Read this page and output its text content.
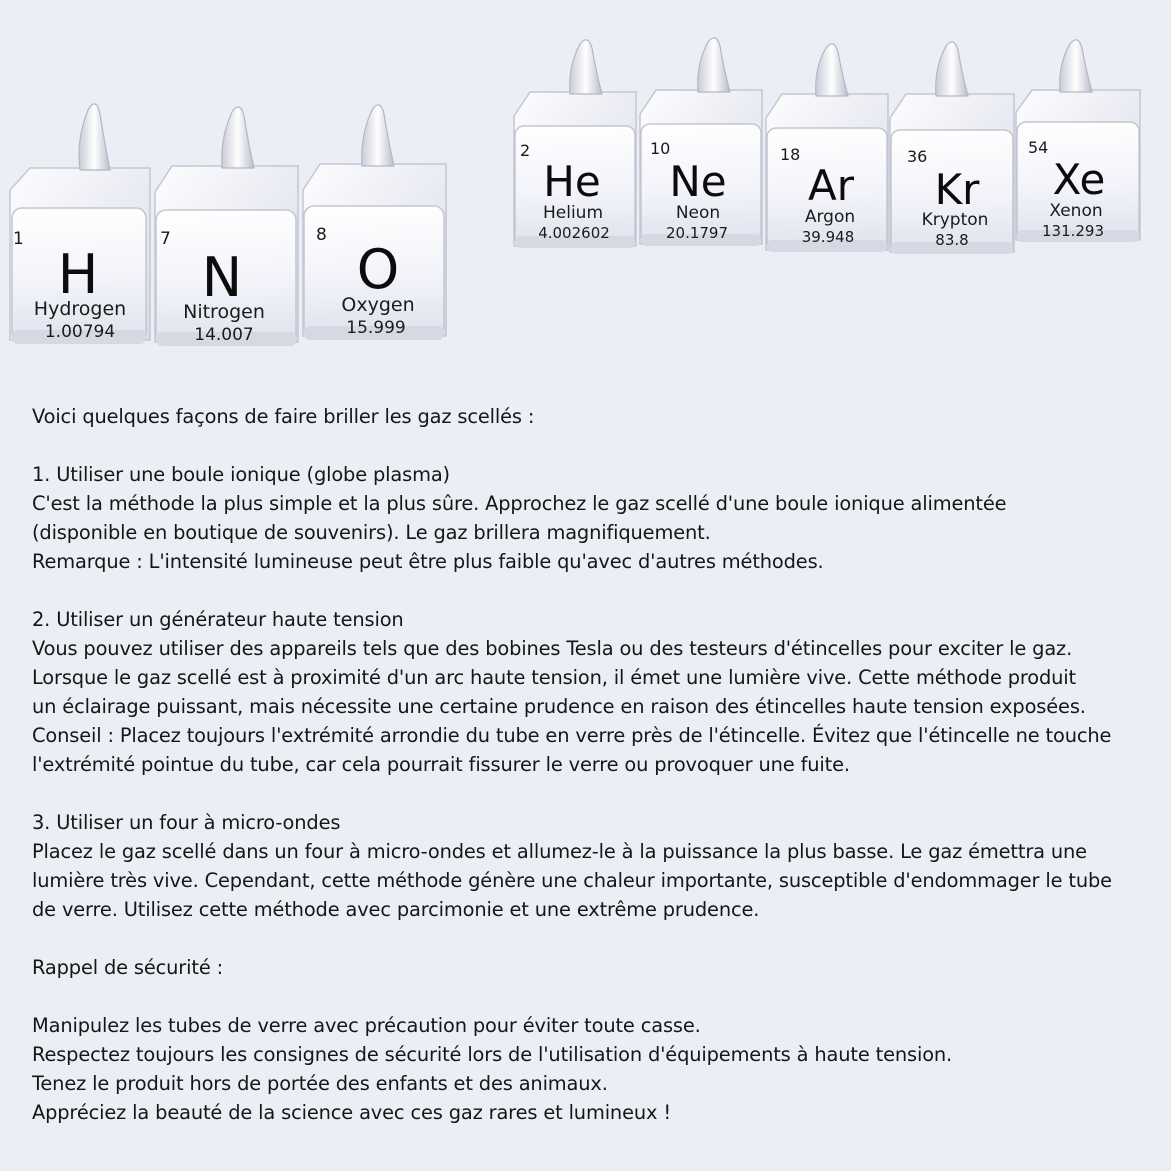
1
H
Hydrogen
1.00794
7
N
Nitrogen
14.007
8
O
Oxygen
15.999
2
He
Helium
4.002602
10
Ne
Neon
20.1797
18
Ar
Argon
39.948
36
Kr
Krypton
83.8
54
Xe
Xenon
131.293

Voici quelques façons de faire briller les gaz scellés :

1. Utiliser une boule ionique (globe plasma)

C'est la méthode la plus simple et la plus sûre. Approchez le gaz scellé d'une boule ionique alimentée

(disponible en boutique de souvenirs). Le gaz brillera magnifiquement.

Remarque : L'intensité lumineuse peut être plus faible qu'avec d'autres méthodes.

2. Utiliser un générateur haute tension

Vous pouvez utiliser des appareils tels que des bobines Tesla ou des testeurs d'étincelles pour exciter le gaz.

Lorsque le gaz scellé est à proximité d'un arc haute tension, il émet une lumière vive. Cette méthode produit

un éclairage puissant, mais nécessite une certaine prudence en raison des étincelles haute tension exposées.

Conseil : Placez toujours l'extrémité arrondie du tube en verre près de l'étincelle. Évitez que l'étincelle ne touche

l'extrémité pointue du tube, car cela pourrait fissurer le verre ou provoquer une fuite.

3. Utiliser un four à micro-ondes

Placez le gaz scellé dans un four à micro-ondes et allumez-le à la puissance la plus basse. Le gaz émettra une

lumière très vive. Cependant, cette méthode génère une chaleur importante, susceptible d'endommager le tube

de verre. Utilisez cette méthode avec parcimonie et une extrême prudence.

Rappel de sécurité :

Manipulez les tubes de verre avec précaution pour éviter toute casse.

Respectez toujours les consignes de sécurité lors de l'utilisation d'équipements à haute tension.

Tenez le produit hors de portée des enfants et des animaux.

Appréciez la beauté de la science avec ces gaz rares et lumineux !
